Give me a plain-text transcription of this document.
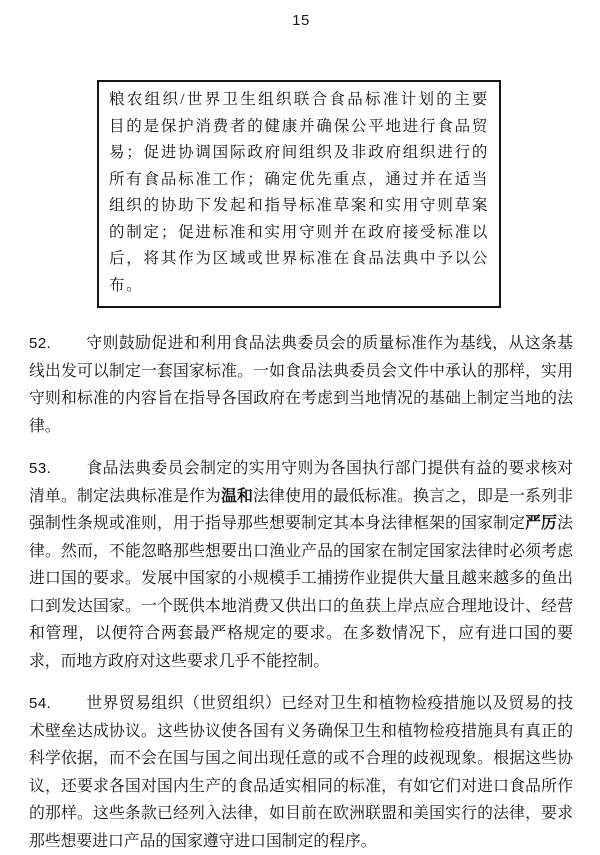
15

粮农组织/世界卫生组织联合食品标准计划的主要目的是保护消费者的健康并确保公平地进行食品贸易；促进协调国际政府间组织及非政府组织进行的所有食品标准工作；确定优先重点，通过并在适当组织的协助下发起和指导标准草案和实用守则草案的制定；促进标准和实用守则并在政府接受标准以后，将其作为区域或世界标准在食品法典中予以公布。

52. 守则鼓励促进和利用食品法典委员会的质量标准作为基线，从这条基线出发可以制定一套国家标准。一如食品法典委员会文件中承认的那样，实用守则和标准的内容旨在指导各国政府在考虑到当地情况的基础上制定当地的法律。

53. 食品法典委员会制定的实用守则为各国执行部门提供有益的要求核对清单。制定法典标准是作为温和法律使用的最低标准。换言之，即是一系列非强制性条规或准则，用于指导那些想要制定其本身法律框架的国家制定严厉法律。然而，不能忽略那些想要出口渔业产品的国家在制定国家法律时必须考虑进口国的要求。发展中国家的小规模手工捕捞作业提供大量且越来越多的鱼出口到发达国家。一个既供本地消费又供出口的鱼获上岸点应合理地设计、经营和管理，以便符合两套最严格规定的要求。在多数情况下，应有进口国的要求，而地方政府对这些要求几乎不能控制。

54. 世界贸易组织（世贸组织）已经对卫生和植物检疫措施以及贸易的技术壁垒达成协议。这些协议使各国有义务确保卫生和植物检疫措施具有真正的科学依据，而不会在国与国之间出现任意的或不合理的歧视现象。根据这些协议，还要求各国对国内生产的食品适实相同的标准，有如它们对进口食品所作的那样。这些条款已经列入法律，如目前在欧洲联盟和美国实行的法律，要求那些想要进口产品的国家遵守进口国制定的程序。
